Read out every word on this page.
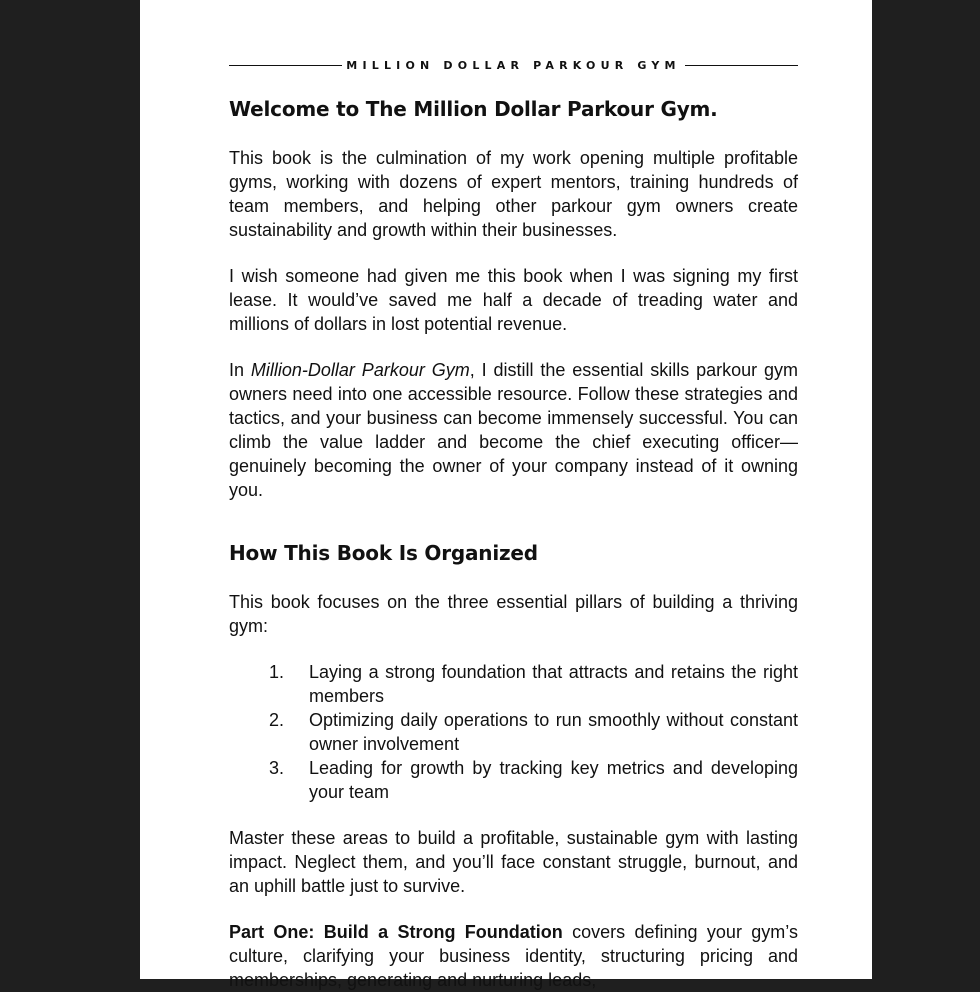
MILLION DOLLAR PARKOUR GYM
Welcome to The Million Dollar Parkour Gym.

This book is the culmination of my work opening multiple profitable gyms, working with dozens of expert mentors, training hundreds of team members, and helping other parkour gym owners create sustainability and growth within their businesses.

I wish someone had given me this book when I was signing my first lease. It would’ve saved me half a decade of treading water and millions of dollars in lost potential revenue.

In Million-Dollar Parkour Gym, I distill the essential skills parkour gym owners need into one accessible resource. Follow these strategies and tactics, and your business can become immensely successful. You can climb the value ladder and become the chief executing officer—genuinely becoming the owner of your company instead of it owning you.

How This Book Is Organized

This book focuses on the three essential pillars of building a thriving gym:

1. Laying a strong foundation that attracts and retains the right members
2. Optimizing daily operations to run smoothly without constant owner involvement
3. Leading for growth by tracking key metrics and developing your team

Master these areas to build a profitable, sustainable gym with lasting impact. Neglect them, and you’ll face constant struggle, burnout, and an uphill battle just to survive.

Part One: Build a Strong Foundation covers defining your gym’s culture, clarifying your business identity, structuring pricing and memberships, generating and nurturing leads,
